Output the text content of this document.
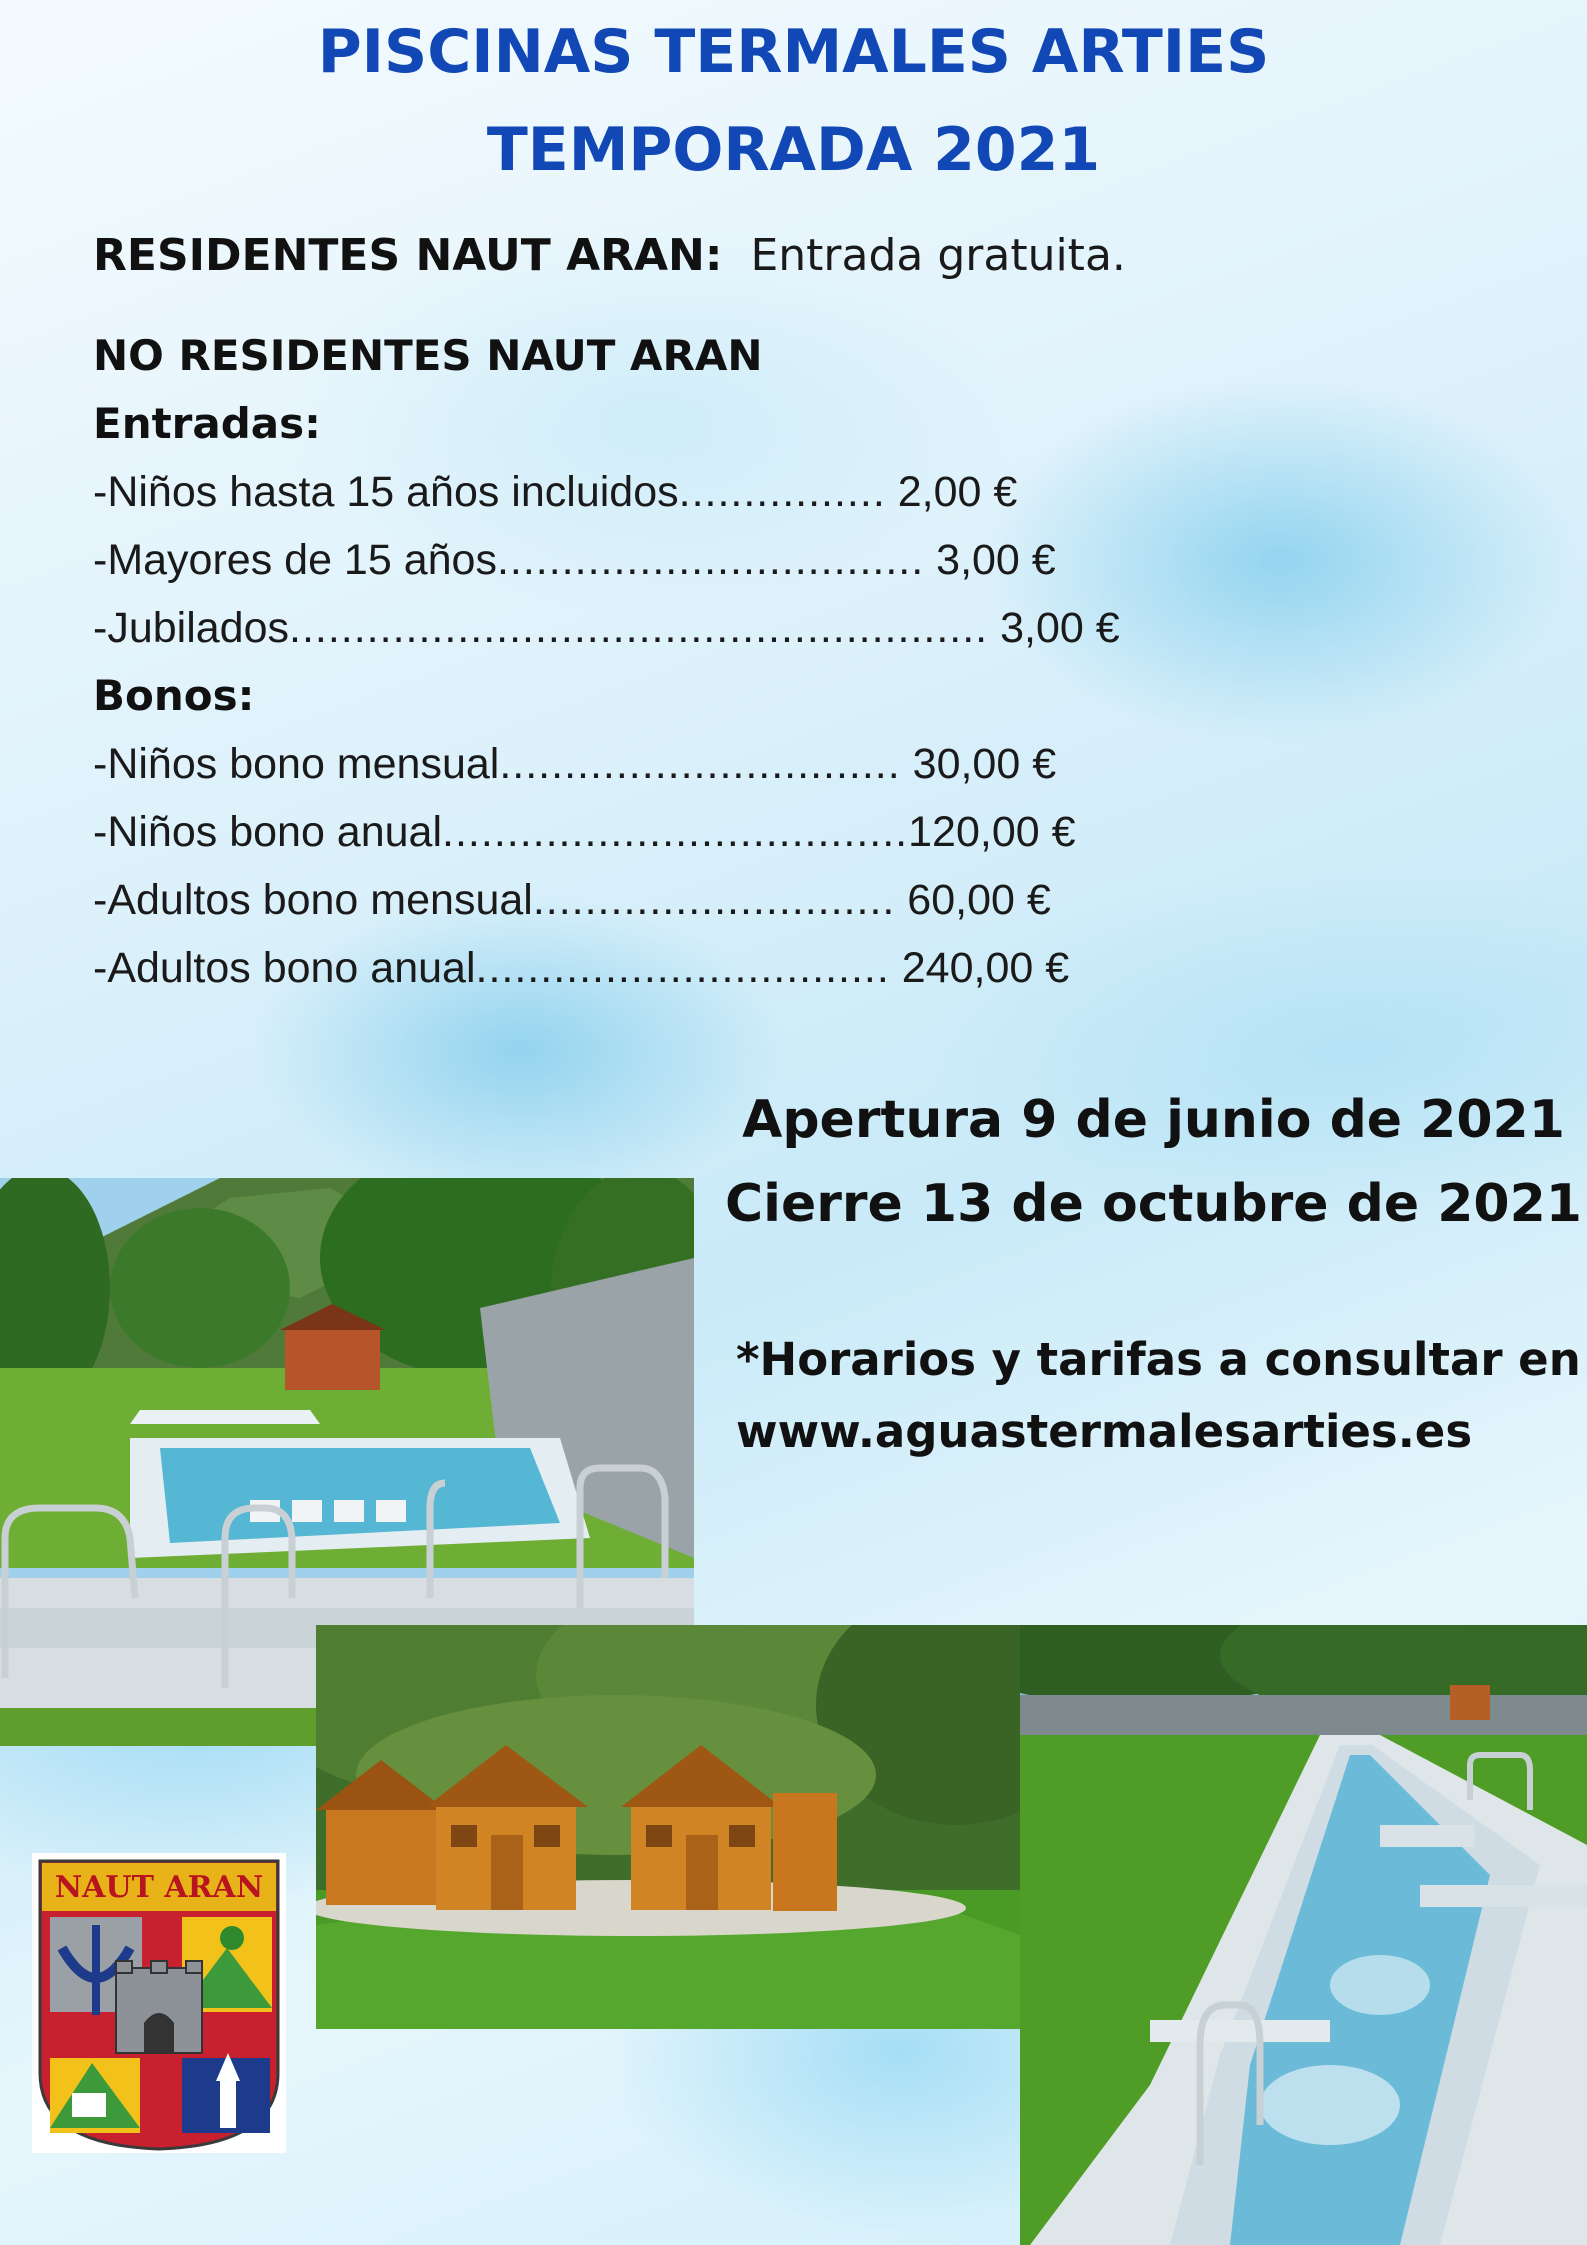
PISCINAS TERMALES ARTIES
TEMPORADA 2021
RESIDENTES NAUT ARAN: Entrada gratuita.
NO RESIDENTES NAUT ARAN
Entradas:
-Niños hasta 15 años incluidos................ 2,00 €
-Mayores de 15 años................................. 3,00 €
-Jubilados...................................................... 3,00 €
Bonos:
-Niños bono mensual............................... 30,00 €
-Niños bono anual....................................120,00 €
-Adultos bono mensual............................ 60,00 €
-Adultos bono anual................................ 240,00 €
Apertura 9 de junio de 2021
Cierre 13 de octubre de 2021
*Horarios y tarifas a consultar en
www.aguastermalesarties.es
NAUT ARAN
